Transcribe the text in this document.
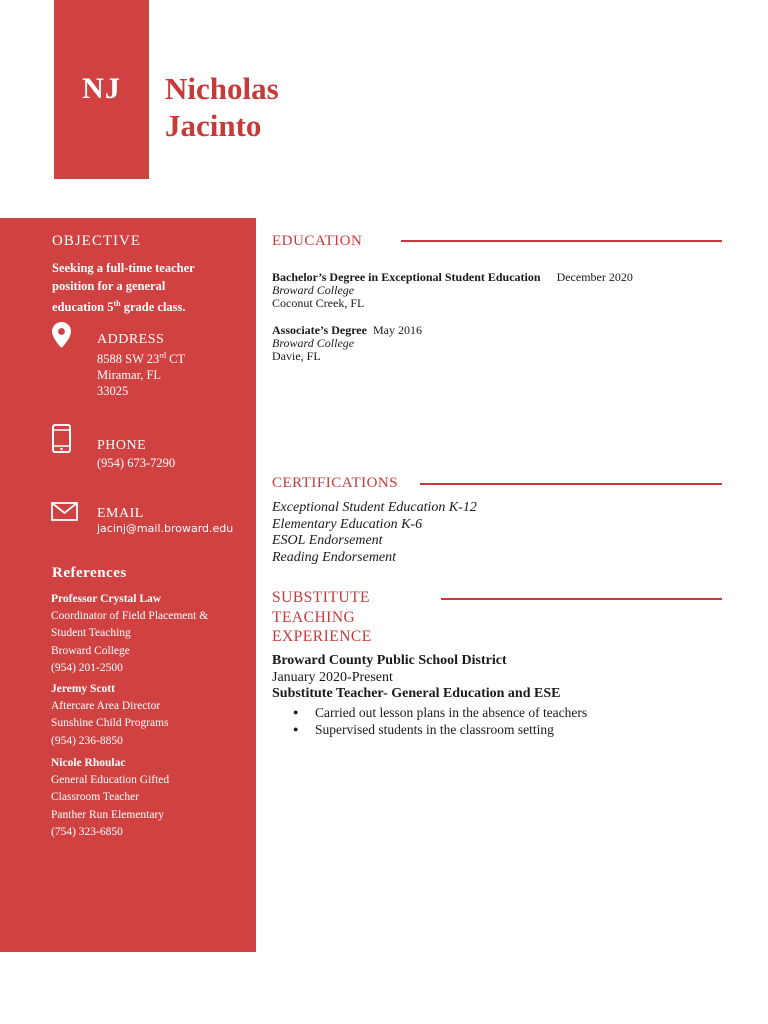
NJ	Nicholas
Jacinto
OBJECTIVE
Seeking a full-time teacher
position for a general
education 5th grade class.
ADDRESS
8588 SW 23rd CT
Miramar, FL
33025
PHONE
(954) 673-7290
EMAIL
jacinj@mail.broward.edu
References
Professor Crystal Law
Coordinator of Field Placement &
Student Teaching
Broward College
(954) 201-2500
Jeremy Scott
Aftercare Area Director
Sunshine Child Programs
(954) 236-8850
Nicole Rhoulac
General Education Gifted
Classroom Teacher
Panther Run Elementary
(754) 323-6850
EDUCATION
Bachelor’s Degree in Exceptional Student Education December 2020
Broward College
Coconut Creek, FL
Associate’s Degree May 2016
Broward College
Davie, FL
CERTIFICATIONS
Exceptional Student Education K-12
Elementary Education K-6
ESOL Endorsement
Reading Endorsement
SUBSTITUTE
TEACHING
EXPERIENCE
Broward County Public School District
January 2020-Present
Substitute Teacher- General Education and ESE
● Carried out lesson plans in the absence of teachers
● Supervised students in the classroom setting
